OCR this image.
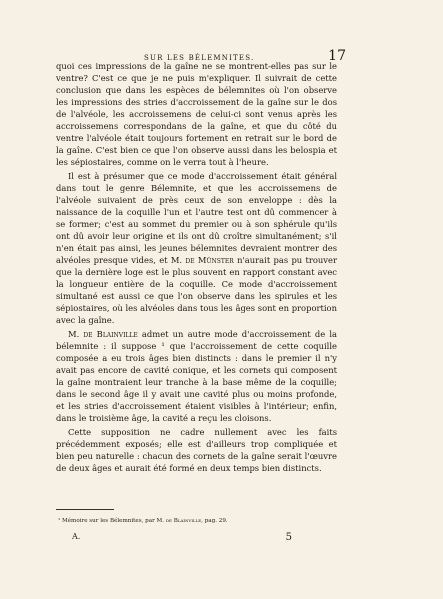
SUR LES BÉLEMNITES.	17

quoi ces impressions de la gaîne ne se montrent-elles pas sur le ventre? C'est ce que je ne puis m'expliquer. Il suivrait de cette conclusion que dans les espèces de bélemnites où l'on observe les impressions des stries d'accroissement de la gaîne sur le dos de l'alvéole, les accroissemens de celui-ci sont venus après les accroissemens correspondans de la gaîne, et que du côté du ventre l'alvéole était toujours fortement en retrait sur le bord de la gaîne. C'est bien ce que l'on observe aussi dans les belospia et les sépiostaires, comme on le verra tout à l'heure.

Il est à présumer que ce mode d'accroissement était général dans tout le genre Bélemnite, et que les accroissemens de l'alvéole suivaient de près ceux de son enveloppe : dès la naissance de la coquille l'un et l'autre test ont dû commencer à se former; c'est au sommet du premier ou à son sphérule qu'ils ont dû avoir leur origine et ils ont dû croître simultanément; s'il n'en était pas ainsi, les jeunes bélemnites devraient montrer des alvéoles presque vides, et M. de Münster n'aurait pas pu trouver que la dernière loge est le plus souvent en rapport constant avec la longueur entière de la coquille. Ce mode d'accroissement simultané est aussi ce que l'on observe dans les spirules et les sépiostaires, où les alvéoles dans tous les âges sont en proportion avec la gaîne.

M. de Blainville admet un autre mode d'accroissement de la bélemnite : il suppose ¹ que l'accroissement de cette coquille composée a eu trois âges bien distincts : dans le premier il n'y avait pas encore de cavité conique, et les cornets qui composent la gaîne montraient leur tranche à la base même de la coquille; dans le second âge il y avait une cavité plus ou moins profonde, et les stries d'accroissement étaient visibles à l'intérieur; enfin, dans le troisième âge, la cavité a reçu les cloisons.

Cette supposition ne cadre nullement avec les faits précédemment exposés; elle est d'ailleurs trop compliquée et bien peu naturelle : chacun des cornets de la gaîne serait l'œuvre de deux âges et aurait été formé en deux temps bien distincts.

¹ Mémoire sur les Bélemnites, par M. de Blainville, pag. 29.
A.	5
